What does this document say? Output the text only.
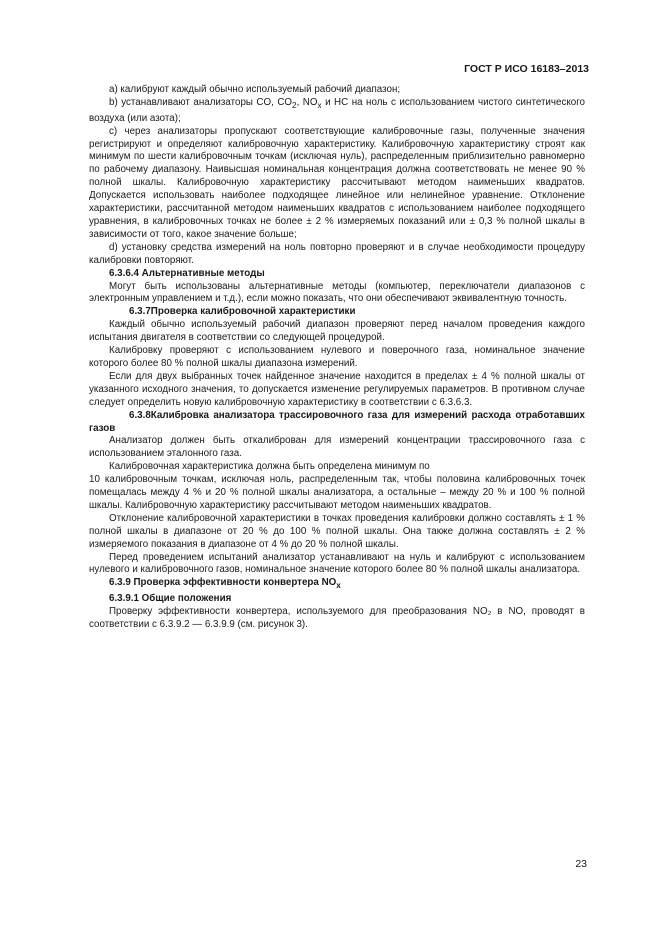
ГОСТ Р ИСО 16183–2013

а) калибруют каждый обычно используемый рабочий диапазон;

b) устанавливают анализаторы CO, $CO_2$, $NO_x$ и НС на ноль с использованием чистого синтетического воздуха (или азота);

с) через анализаторы пропускают соответствующие калибровочные газы, полученные значения регистрируют и определяют калибровочную характеристику. Калибровочную характеристику строят как минимум по шести калибровочным точкам (исключая нуль), распределенным приблизительно равномерно по рабочему диапазону. Наивысшая номинальная концентрация должна соответствовать не менее 90 % полной шкалы. Калибровочную характеристику рассчитывают методом наименьших квадратов. Допускается использовать наиболее подходящее линейное или нелинейное уравнение. Отклонение характеристики, рассчитанной методом наименьших квадратов с использованием наиболее подходящего уравнения, в калибровочных точках не более ± 2 % измеряемых показаний или ± 0,3 % полной шкалы в зависимости от того, какое значение больше;

d) установку средства измерений на ноль повторно проверяют и в случае необходимости процедуру калибровки повторяют.

6.3.6.4 Альтернативные методы

Могут быть использованы альтернативные методы (компьютер, переключатели диапазонов с электронным управлением и т.д.), если можно показать, что они обеспечивают эквивалентную точность.

6.3.7Проверка калибровочной характеристики

Каждый обычно используемый рабочий диапазон проверяют перед началом проведения каждого испытания двигателя в соответствии со следующей процедурой.

Калибровку проверяют с использованием нулевого и поверочного газа, номинальное значение которого более 80 % полной шкалы диапазона измерений.

Если для двух выбранных точек найденное значение находится в пределах ± 4 % полной шкалы от указанного исходного значения, то допускается изменение регулируемых параметров. В противном случае следует определить новую калибровочную характеристику в соответствии с 6.3.6.3.

6.3.8Калибровка анализатора трассировочного газа для измерений расхода отработавших газов

Анализатор должен быть откалиброван для измерений концентрации трассировочного газа с использованием эталонного газа.

Калибровочная характеристика должна быть определена минимум по

10 калибровочным точкам, исключая ноль, распределенным так, чтобы половина калибровочных точек помещалась между 4 % и 20 % полной шкалы анализатора, а остальные – между 20 % и 100 % полной шкалы. Калибровочную характеристику рассчитывают методом наименьших квадратов.

Отклонение калибровочной характеристики в точках проведения калибровки должно составлять ± 1 % полной шкалы в диапазоне от 20 % до 100 % полной шкалы. Она также должна составлять ± 2 % измеряемого показания в диапазоне от 4 % до 20 % полной шкалы.

Перед проведением испытаний анализатор устанавливают на нуль и калибруют с использованием нулевого и калибровочного газов, номинальное значение которого более 80 % полной шкалы анализатора.

6.3.9 Проверка эффективности конвертера $NO_x$

6.3.9.1 Общие положения

Проверку эффективности конвертера, используемого для преобразования NO₂ в NO, проводят в соответствии с 6.3.9.2 — 6.3.9.9 (см. рисунок 3).

23
